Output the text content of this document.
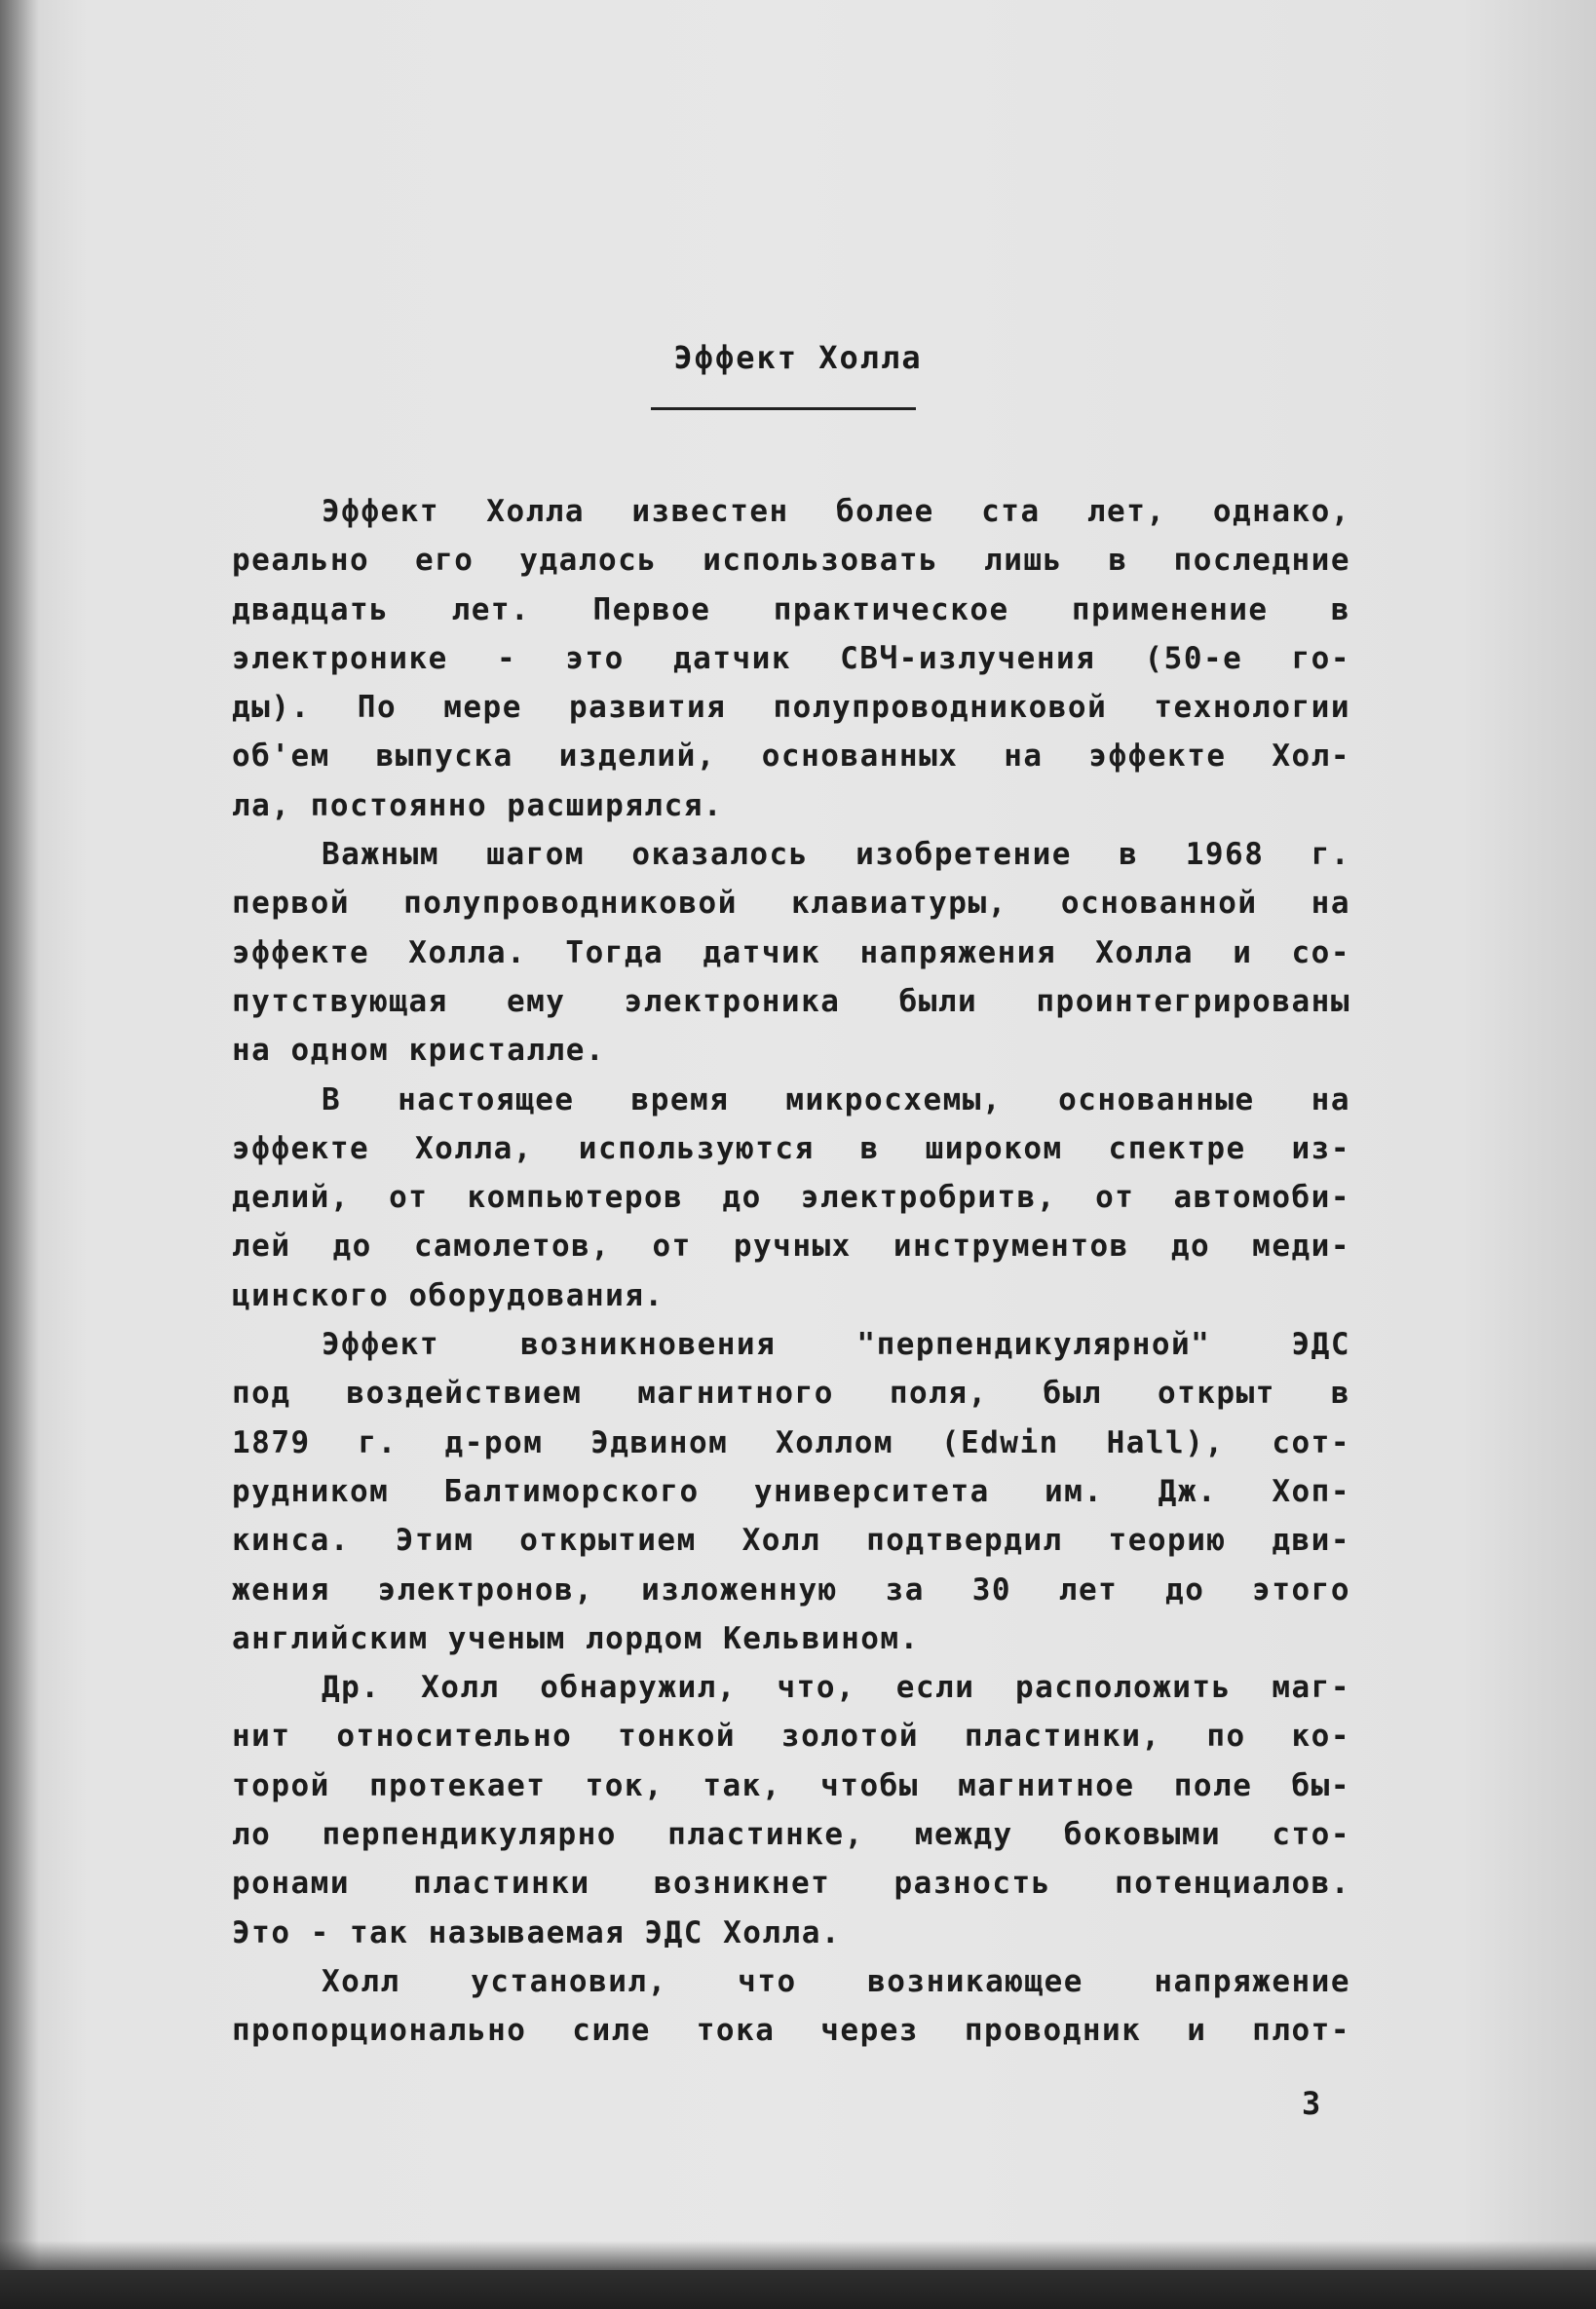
Эффект Холла
Эффект Холла известен более ста лет, однако,
реально его удалось использовать лишь в последние
двадцать лет. Первое практическое применение в
электронике - это датчик СВЧ-излучения (50-е го-
ды). По мере развития полупроводниковой технологии
об'ем выпуска изделий, основанных на эффекте Хол-
ла, постоянно расширялся.
Важным шагом оказалось изобретение в 1968 г.
первой полупроводниковой клавиатуры, основанной на
эффекте Холла. Тогда датчик напряжения Холла и со-
путствующая ему электроника были проинтегрированы
на одном кристалле.
В настоящее время микросхемы, основанные на
эффекте Холла, используются в широком спектре из-
делий, от компьютеров до электробритв, от автомоби-
лей до самолетов, от ручных инструментов до меди-
цинского оборудования.
Эффект возникновения "перпендикулярной" ЭДС
под воздействием магнитного поля, был открыт в
1879 г. д-ром Эдвином Холлом (Edwin Hall), сот-
рудником Балтиморского университета им. Дж. Хоп-
кинса. Этим открытием Холл подтвердил теорию дви-
жения электронов, изложенную за 30 лет до этого
английским ученым лордом Кельвином.
Др. Холл обнаружил, что, если расположить маг-
нит относительно тонкой золотой пластинки, по ко-
торой протекает ток, так, чтобы магнитное поле бы-
ло перпендикулярно пластинке, между боковыми сто-
ронами пластинки возникнет разность потенциалов.
Это - так называемая ЭДС Холла.
Холл установил, что возникающее напряжение
пропорционально силе тока через проводник и плот-
3
